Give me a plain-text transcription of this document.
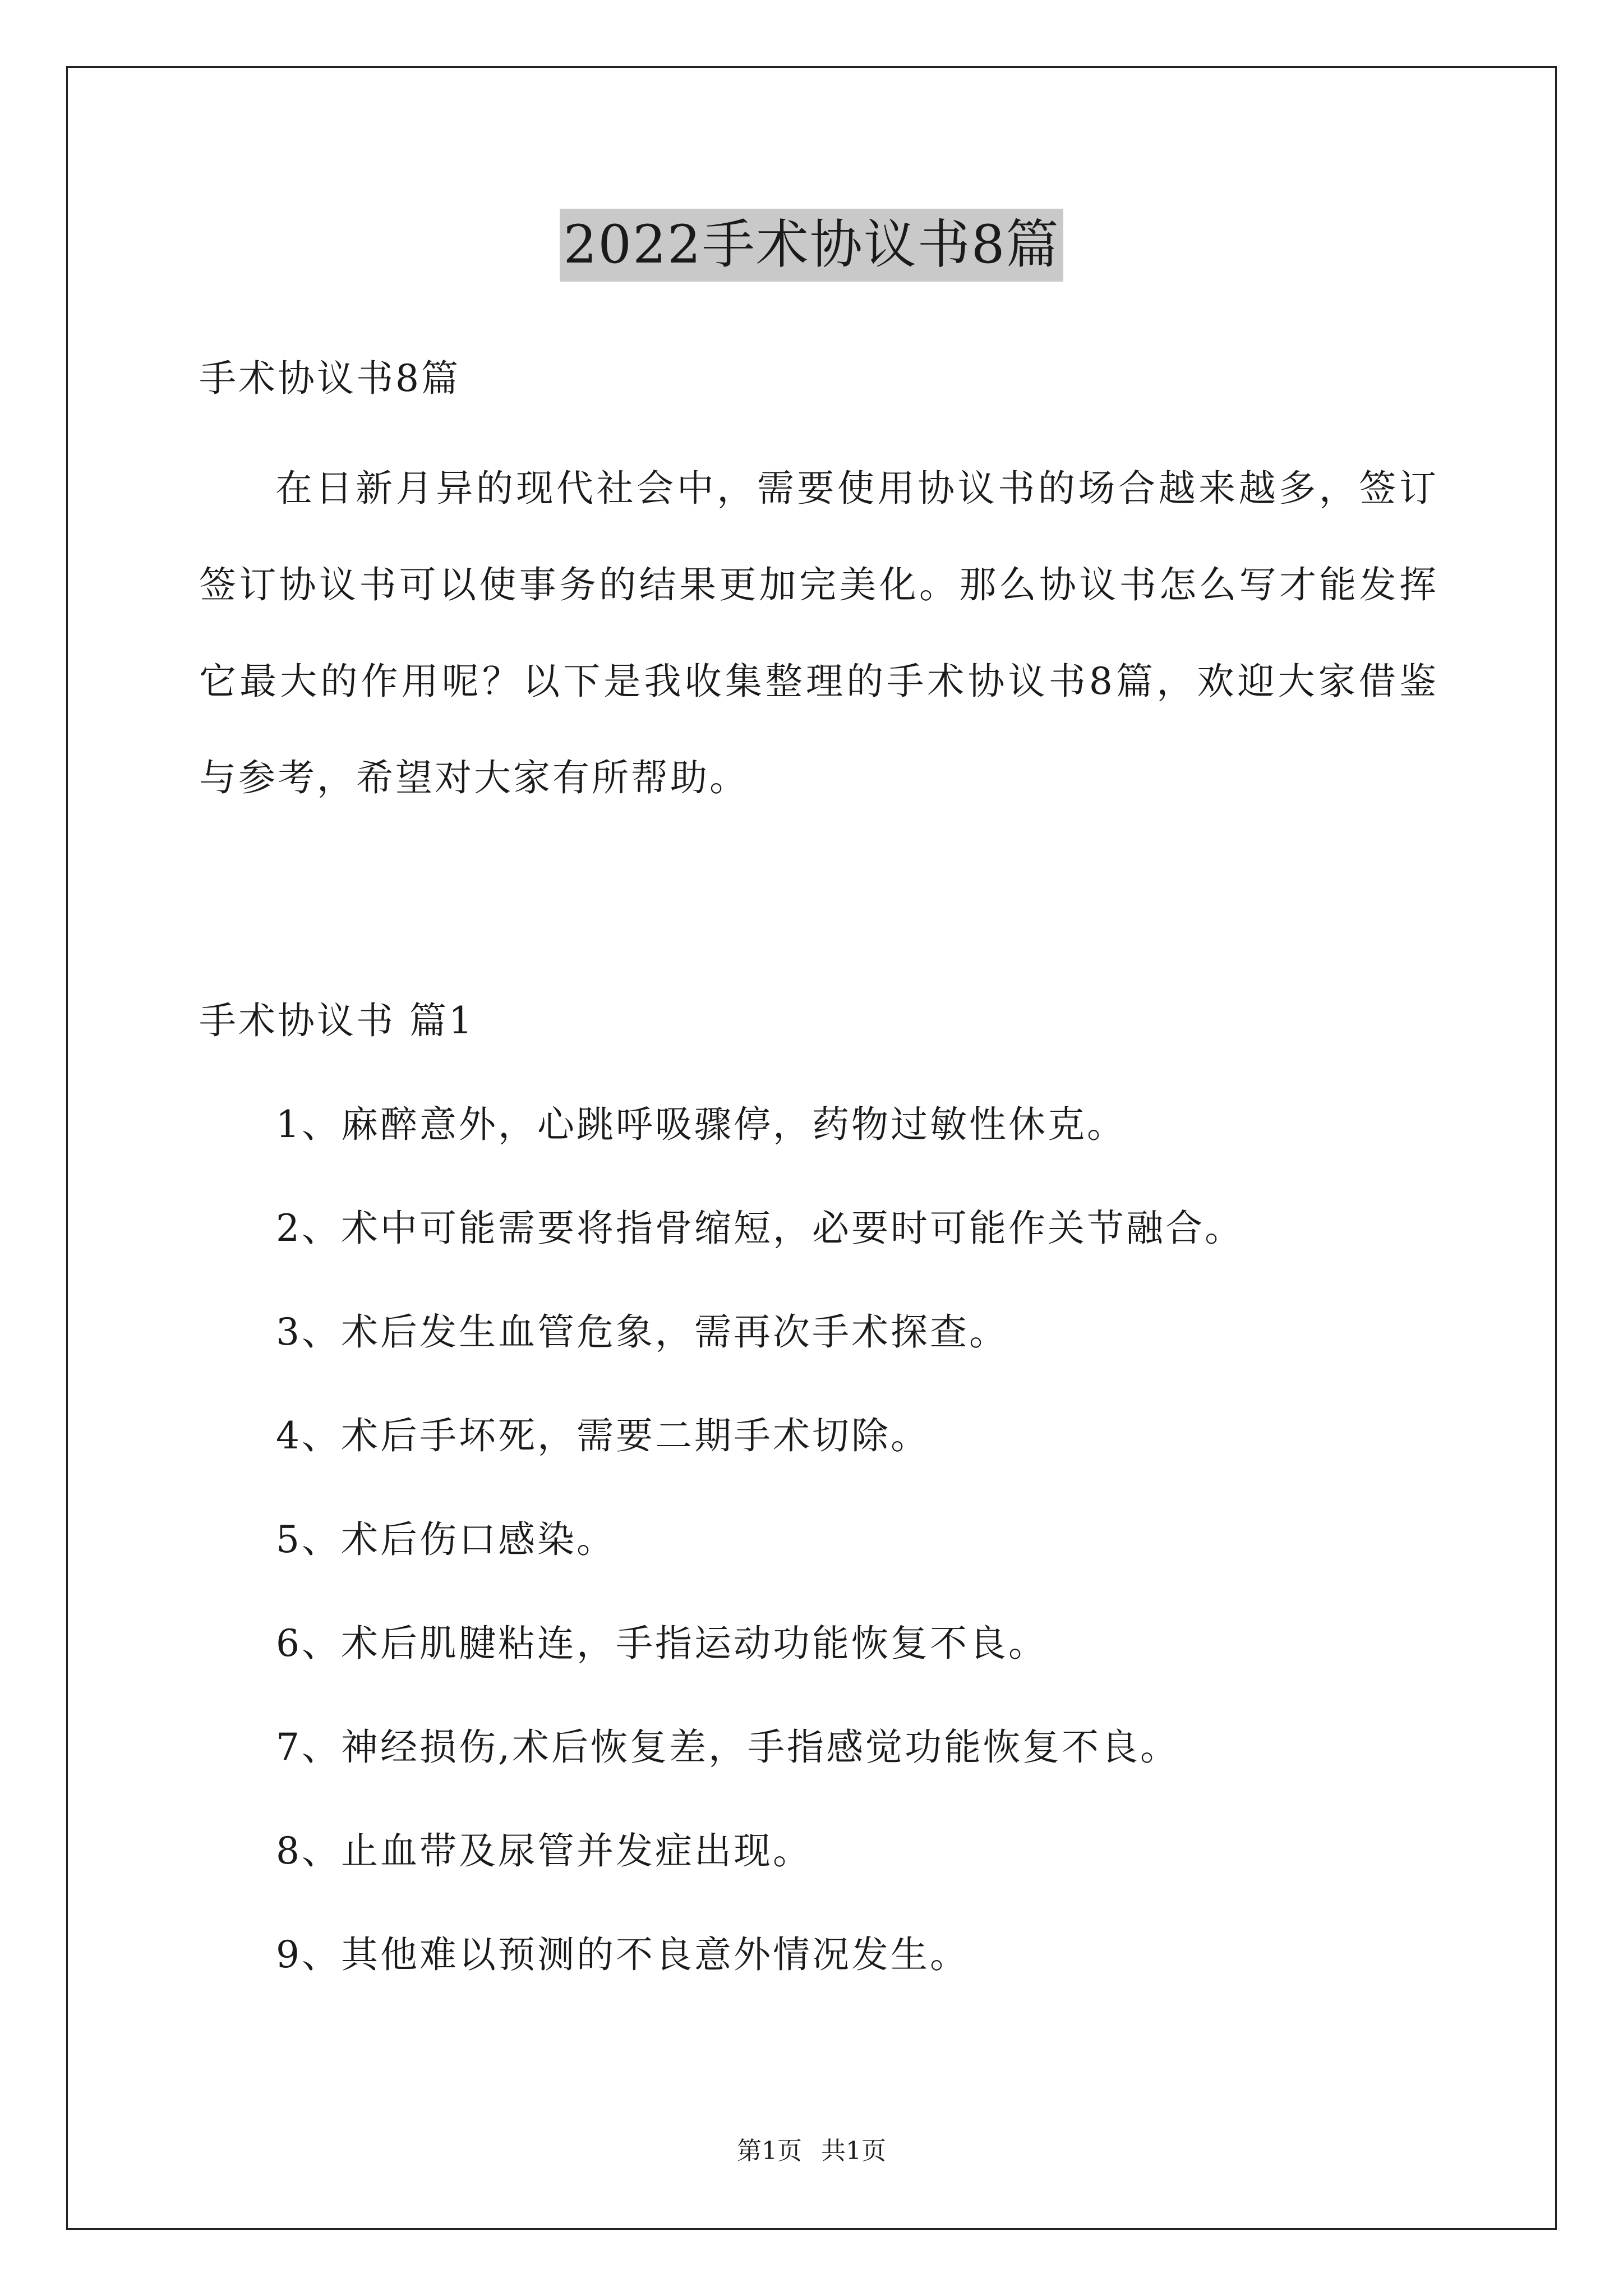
2022手术协议书8篇
手术协议书8篇
在日新月异的现代社会中，需要使用协议书的场合越来越多，签订签订协议书可以使事务的结果更加完美化。那么协议书怎么写才能发挥它最大的作用呢？以下是我收集整理的手术协议书8篇，欢迎大家借鉴与参考，希望对大家有所帮助。
手术协议书 篇1
1、麻醉意外，心跳呼吸骤停，药物过敏性休克。
2、术中可能需要将指骨缩短，必要时可能作关节融合。
3、术后发生血管危象，需再次手术探查。
4、术后手坏死，需要二期手术切除。
5、术后伤口感染。
6、术后肌腱粘连，手指运动功能恢复不良。
7、神经损伤,术后恢复差，手指感觉功能恢复不良。
8、止血带及尿管并发症出现。
9、其他难以预测的不良意外情况发生。
第1页 共1页
